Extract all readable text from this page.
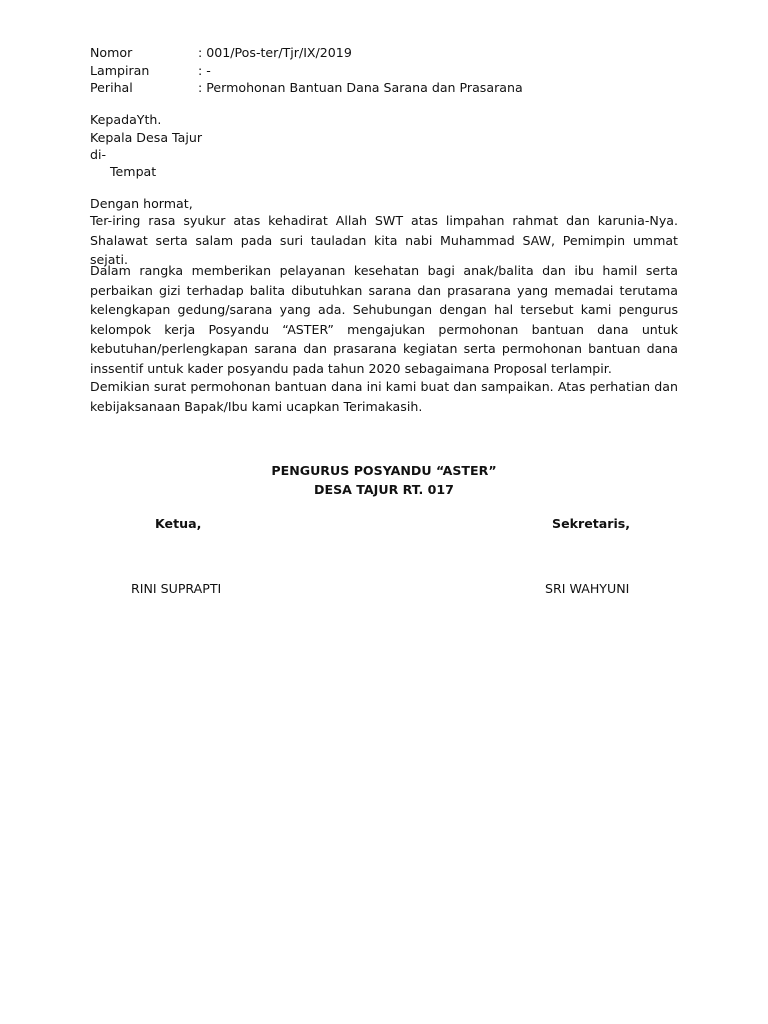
Nomor	: 001/Pos-ter/Tjr/IX/2019
Lampiran	: -
Perihal	: Permohonan Bantuan Dana Sarana dan Prasarana
KepadaYth.
Kepala Desa Tajur
di-
Tempat
Dengan hormat,
Ter-iring rasa syukur atas kehadirat Allah SWT atas limpahan rahmat dan karunia-Nya. Shalawat serta salam pada suri tauladan kita nabi Muhammad SAW, Pemimpin ummat sejati.
Dalam rangka memberikan pelayanan kesehatan bagi anak/balita dan ibu hamil serta perbaikan gizi terhadap balita dibutuhkan sarana dan prasarana yang memadai terutama kelengkapan gedung/sarana yang ada. Sehubungan dengan hal tersebut kami pengurus kelompok kerja Posyandu “ASTER” mengajukan permohonan bantuan dana untuk kebutuhan/perlengkapan sarana dan prasarana kegiatan serta permohonan bantuan dana inssentif untuk kader posyandu pada tahun 2020 sebagaimana Proposal terlampir.
Demikian surat permohonan bantuan dana ini kami buat dan sampaikan. Atas perhatian dan kebijaksanaan Bapak/Ibu kami ucapkan Terimakasih.
PENGURUS POSYANDU “ASTER”
DESA TAJUR RT. 017
Ketua,	Sekretaris,
RINI SUPRAPTI	SRI WAHYUNI
